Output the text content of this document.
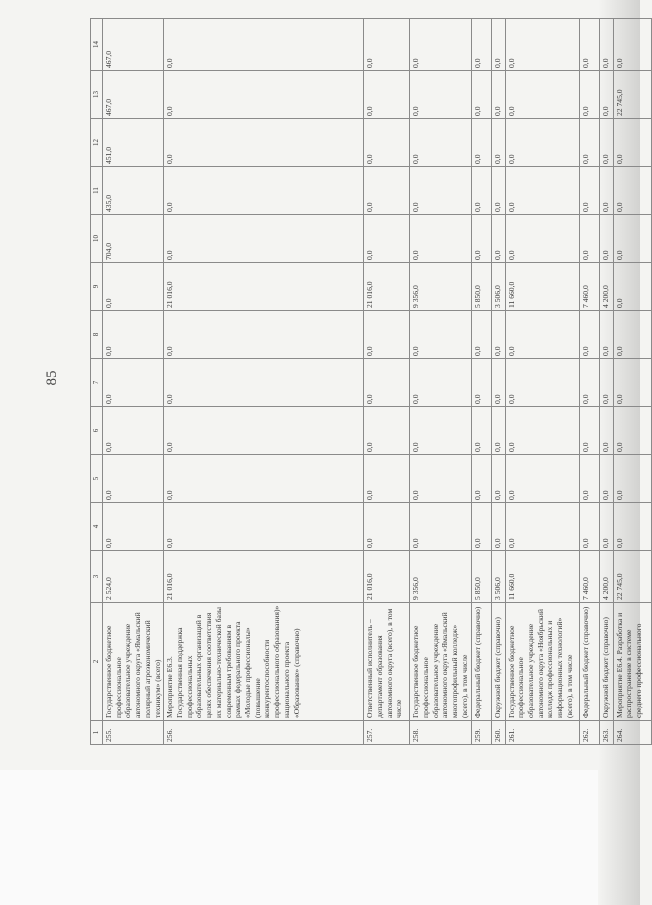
85
1	2	3	4	5	6	7	8	9	10	11	12	13	14
255.	Государственное бюджетное профессиональное образовательное учреждение автономного округа «Ямальский полярный агроэкономический техникум» (всего)	2 524,0	0,0	0,0	0,0	0,0	0,0	0,0	704,0	435,0	451,0	467,0	467,0
256.	Мероприятие Е6.3. Государственная поддержка профессиональных образовательных организаций в целях обеспечения соответствия их материально-технической базы современным требованиям в рамках федерального проекта «Молодые профессионалы» (повышение конкурентоспособности профессионального образования)» национального проекта «Образование» (справочно)	21 016,0	0,0	0,0	0,0	0,0	0,0	21 016,0	0,0	0,0	0,0	0,0	0,0
257.	Ответственный исполнитель – департамент образования автономного округа (всего), в том числе	21 016,0	0,0	0,0	0,0	0,0	0,0	21 016,0	0,0	0,0	0,0	0,0	0,0
258.	Государственное бюджетное профессиональное образовательное учреждение автономного округа «Ямальский многопрофильный колледж» (всего), в том числе	9 356,0	0,0	0,0	0,0	0,0	0,0	9 356,0	0,0	0,0	0,0	0,0	0,0
259.	Федеральный бюджет (справочно)	5 850,0	0,0	0,0	0,0	0,0	0,0	5 850,0	0,0	0,0	0,0	0,0	0,0
260.	Окружной бюджет (справочно)	3 506,0	0,0	0,0	0,0	0,0	0,0	3 506,0	0,0	0,0	0,0	0,0	0,0
261.	Государственное бюджетное профессиональное образовательное учреждение автономного округа «Ноябрьский колледж профессиональных и информационных технологий» (всего), в том числе	11 660,0	0,0	0,0	0,0	0,0	0,0	11 660,0	0,0	0,0	0,0	0,0	0,0
262.	Федеральный бюджет (справочно)	7 460,0	0,0	0,0	0,0	0,0	0,0	7 460,0	0,0	0,0	0,0	0,0	0,0
263.	Окружной бюджет (справочно)	4 200,0	0,0	0,0	0,0	0,0	0,0	4 200,0	0,0	0,0	0,0	0,0	0,0
264.	Мероприятие Е6.4. Разработка и распространение в системе среднего профессионального	22 745,0	0,0	0,0	0,0	0,0	0,0	0,0	0,0	0,0	0,0	22 745,0	0,0
